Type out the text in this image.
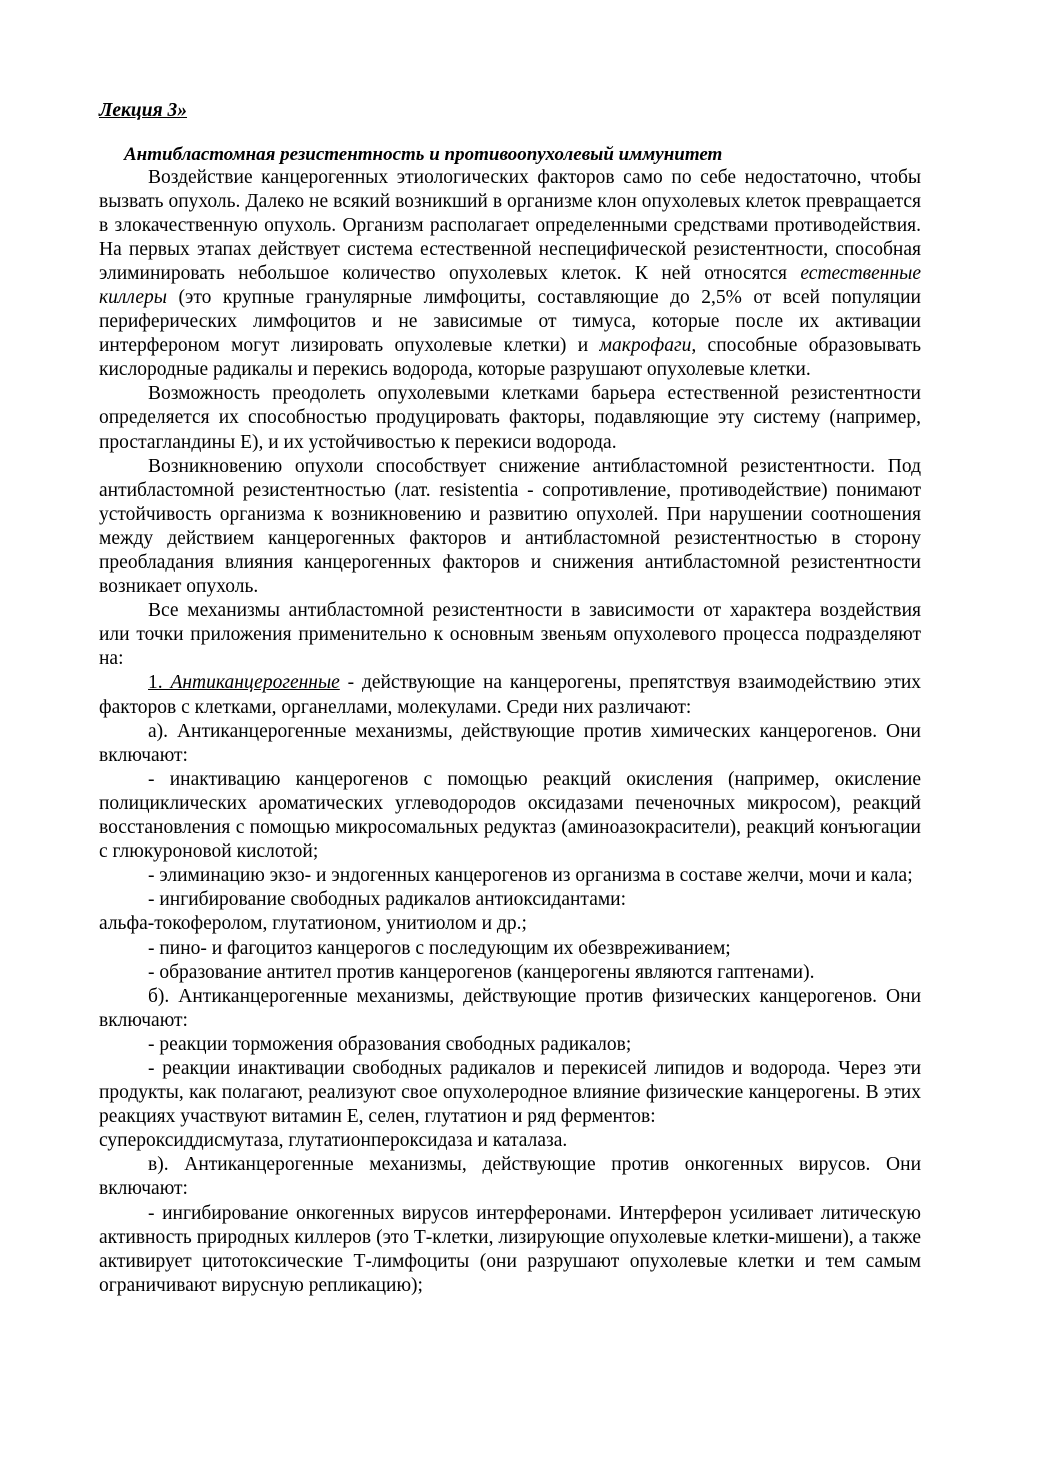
Лекция 3»
Антибластомная резистентность и противоопухолевый иммунитет

Воздействие канцерогенных этиологических факторов само по себе недостаточно, чтобы вызвать опухоль. Далеко не всякий возникший в организме клон опухолевых клеток превращается в злокачественную опухоль. Организм располагает определенными средствами противодействия. На первых этапах действует система естественной неспецифической резистентности, способная элиминировать небольшое количество опухолевых клеток. К ней относятся естественные киллеры (это крупные гранулярные лимфоциты, составляющие до 2,5% от всей популяции периферических лимфоцитов и не зависимые от тимуса, которые после их активации интерфероном могут лизировать опухолевые клетки) и макрофаги, способные образовывать кислородные радикалы и перекись водорода, которые разрушают опухолевые клетки.

Возможность преодолеть опухолевыми клетками барьера естественной резистентности определяется их способностью продуцировать факторы, подавляющие эту систему (например, простагландины Е), и их устойчивостью к перекиси водорода.

Возникновению опухоли способствует снижение антибластомной резистентности. Под антибластомной резистентностью (лат. resistentia - сопротивление, противодействие) понимают устойчивость организма к возникновению и развитию опухолей. При нарушении соотношения между действием канцерогенных факторов и антибластомной резистентностью в сторону преобладания влияния канцерогенных факторов и снижения антибластомной резистентности возникает опухоль.

Все механизмы антибластомной резистентности в зависимости от характера воздействия или точки приложения применительно к основным звеньям опухолевого процесса подразделяют на:

1. Антиканцерогенные - действующие на канцерогены, препятствуя взаимодействию этих факторов с клетками, органеллами, молекулами. Среди них различают:

а). Антиканцерогенные механизмы, действующие против химических канцерогенов. Они включают:

- инактивацию канцерогенов с помощью реакций окисления (например, окисление полициклических ароматических углеводородов оксидазами печеночных микросом), реакций восстановления с помощью микросомальных редуктаз (аминоазокрасители), реакций конъюгации с глюкуроновой кислотой;

- элиминацию экзо- и эндогенных канцерогенов из организма в составе желчи, мочи и кала;

- ингибирование свободных радикалов антиоксидантами:

альфа-токоферолом, глутатионом, унитиолом и др.;

- пино- и фагоцитоз канцерогов с последующим их обезвреживанием;

- образование антител против канцерогенов (канцерогены являются гаптенами).

б). Антиканцерогенные механизмы, действующие против физических канцерогенов. Они включают:

- реакции торможения образования свободных радикалов;

- реакции инактивации свободных радикалов и перекисей липидов и водорода. Через эти продукты, как полагают, реализуют свое опухолеродное влияние физические канцерогены. В этих реакциях участвуют витамин Е, селен, глутатион и ряд ферментов:

супероксиддисмутаза, глутатионпероксидаза и каталаза.

в). Антиканцерогенные механизмы, действующие против онкогенных вирусов. Они включают:

- ингибирование онкогенных вирусов интерферонами. Интерферон усиливает литическую активность природных киллеров (это Т-клетки, лизирующие опухолевые клетки-мишени), а также активирует цитотоксические Т-лимфоциты (они разрушают опухолевые клетки и тем самым ограничивают вирусную репликацию);
